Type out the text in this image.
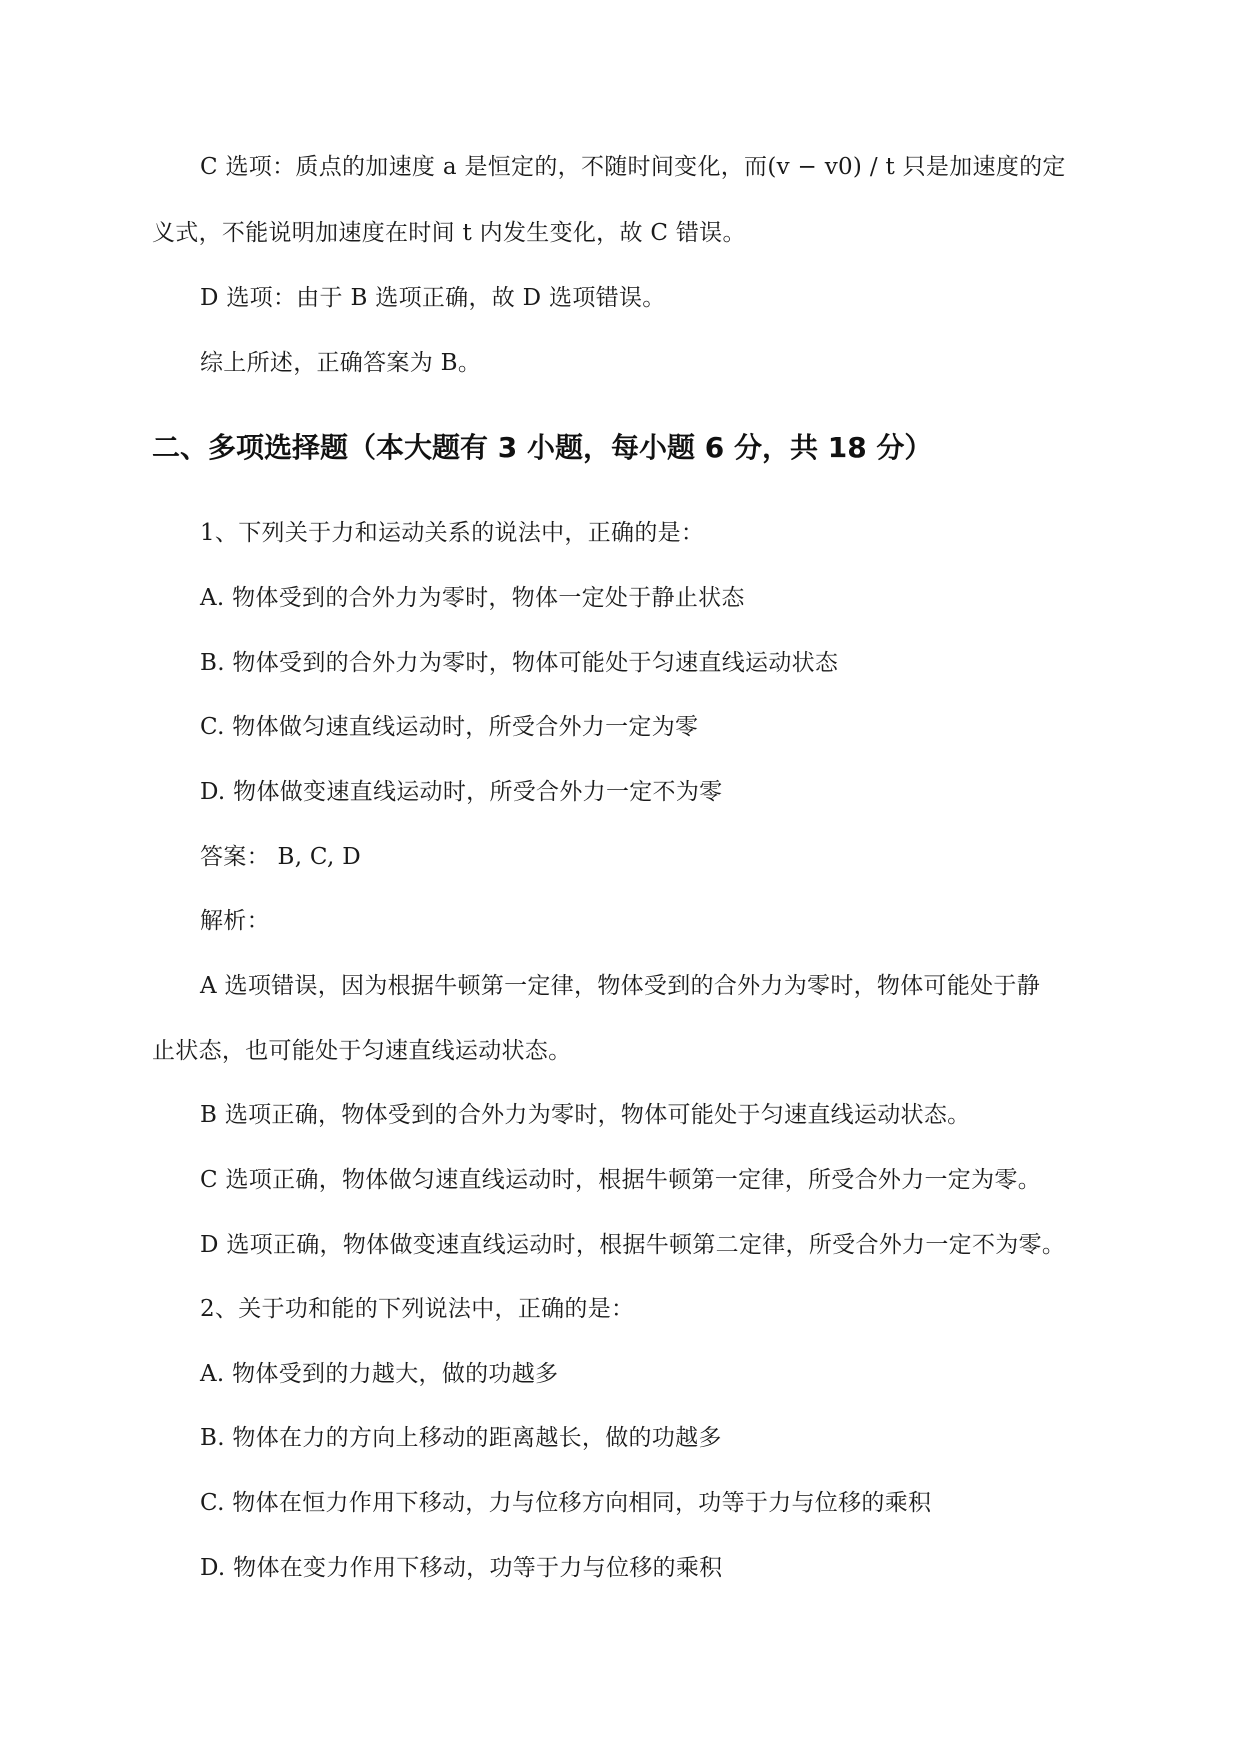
C 选项：质点的加速度 a 是恒定的，不随时间变化，而(v − v0) / t 只是加速度的定
义式，不能说明加速度在时间 t 内发生变化，故 C 错误。
D 选项：由于 B 选项正确，故 D 选项错误。
综上所述，正确答案为 B。
二、多项选择题（本大题有 3 小题，每小题 6 分，共 18 分）
1、下列关于力和运动关系的说法中，正确的是：
A. 物体受到的合外力为零时，物体一定处于静止状态
B. 物体受到的合外力为零时，物体可能处于匀速直线运动状态
C. 物体做匀速直线运动时，所受合外力一定为零
D. 物体做变速直线运动时，所受合外力一定不为零
答案： B, C, D
解析：
A 选项错误，因为根据牛顿第一定律，物体受到的合外力为零时，物体可能处于静
止状态，也可能处于匀速直线运动状态。
B 选项正确，物体受到的合外力为零时，物体可能处于匀速直线运动状态。
C 选项正确，物体做匀速直线运动时，根据牛顿第一定律，所受合外力一定为零。
D 选项正确，物体做变速直线运动时，根据牛顿第二定律，所受合外力一定不为零。
2、关于功和能的下列说法中，正确的是：
A. 物体受到的力越大，做的功越多
B. 物体在力的方向上移动的距离越长，做的功越多
C. 物体在恒力作用下移动，力与位移方向相同，功等于力与位移的乘积
D. 物体在变力作用下移动，功等于力与位移的乘积
